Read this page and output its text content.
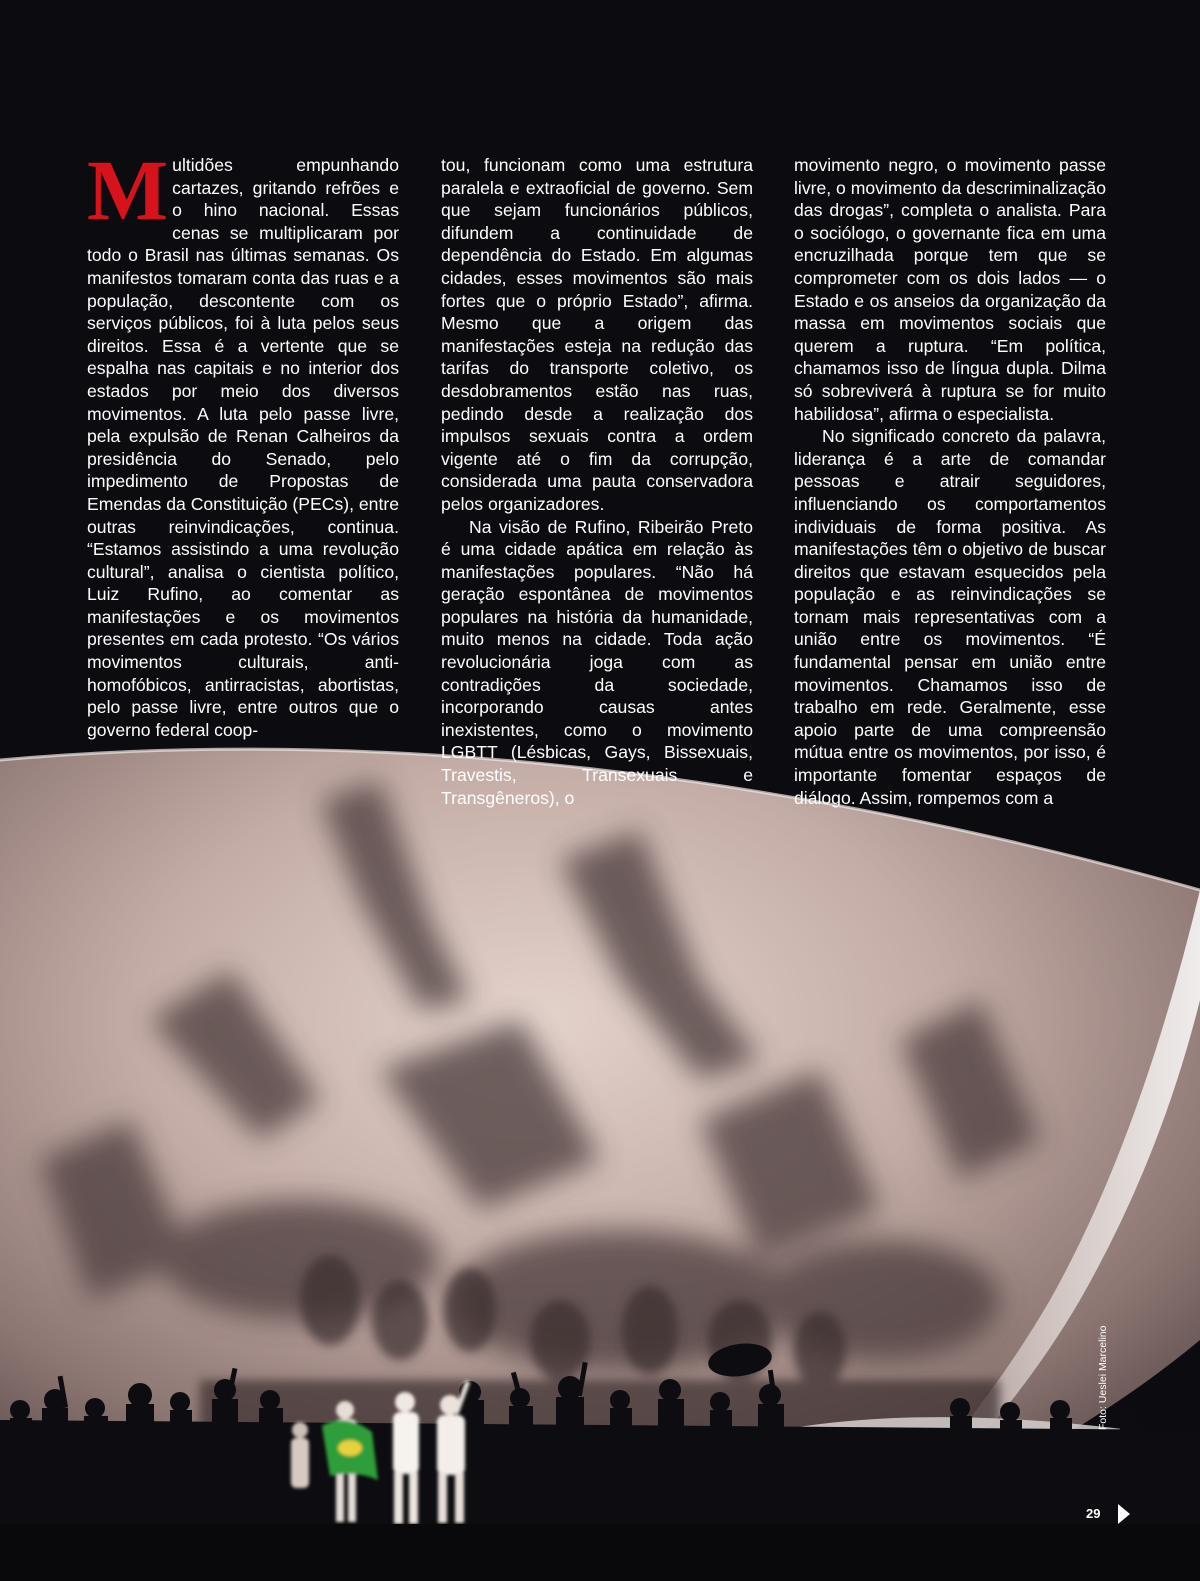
Multidões empunhando cartazes, gritando refrões e o hino nacional. Essas cenas se multiplicaram por todo o Brasil nas últimas semanas. Os manifestos tomaram conta das ruas e a população, descontente com os serviços públicos, foi à luta pelos seus direitos. Essa é a vertente que se espalha nas capitais e no interior dos estados por meio dos diversos movimentos. A luta pelo passe livre, pela expulsão de Renan Calheiros da presidência do Senado, pelo impedimento de Propostas de Emendas da Constituição (PECs), entre outras reinvindicações, continua. “Estamos assistindo a uma revolução cultural”, analisa o cientista político, Luiz Rufino, ao comentar as manifestações e os movimentos presentes em cada protesto. “Os vários movimentos culturais, anti-homofóbicos, antirracistas, abortistas, pelo passe livre, entre outros que o governo federal coop-

tou, funcionam como uma estrutura paralela e extraoficial de governo. Sem que sejam funcionários públicos, difundem a continuidade de dependência do Estado. Em algumas cidades, esses movimentos são mais fortes que o próprio Estado”, afirma. Mesmo que a origem das manifestações esteja na redução das tarifas do transporte coletivo, os desdobramentos estão nas ruas, pedindo desde a realização dos impulsos sexuais contra a ordem vigente até o fim da corrupção, considerada uma pauta conservadora pelos organizadores.

Na visão de Rufino, Ribeirão Preto é uma cidade apática em relação às manifestações populares. “Não há geração espontânea de movimentos populares na história da humanidade, muito menos na cidade. Toda ação revolucionária joga com as contradições da sociedade, incorporando causas antes inexistentes, como o movimento LGBTT (Lésbicas, Gays, Bissexuais, Travestis, Transexuais e Transgêneros), o

movimento negro, o movimento passe livre, o movimento da descriminalização das drogas”, completa o analista. Para o sociólogo, o governante fica em uma encruzilhada porque tem que se comprometer com os dois lados — o Estado e os anseios da organização da massa em movimentos sociais que querem a ruptura. “Em política, chamamos isso de língua dupla. Dilma só sobreviverá à ruptura se for muito habilidosa”, afirma o especialista.

No significado concreto da palavra, liderança é a arte de comandar pessoas e atrair seguidores, influenciando os comportamentos individuais de forma positiva. As manifestações têm o objetivo de buscar direitos que estavam esquecidos pela população e as reinvindicações se tornam mais representativas com a união entre os movimentos. “É fundamental pensar em união entre movimentos. Chamamos isso de trabalho em rede. Geralmente, esse apoio parte de uma compreensão mútua entre os movimentos, por isso, é importante fomentar espaços de diálogo. Assim, rompemos com a

Foto: Ueslei Marcelino
29
